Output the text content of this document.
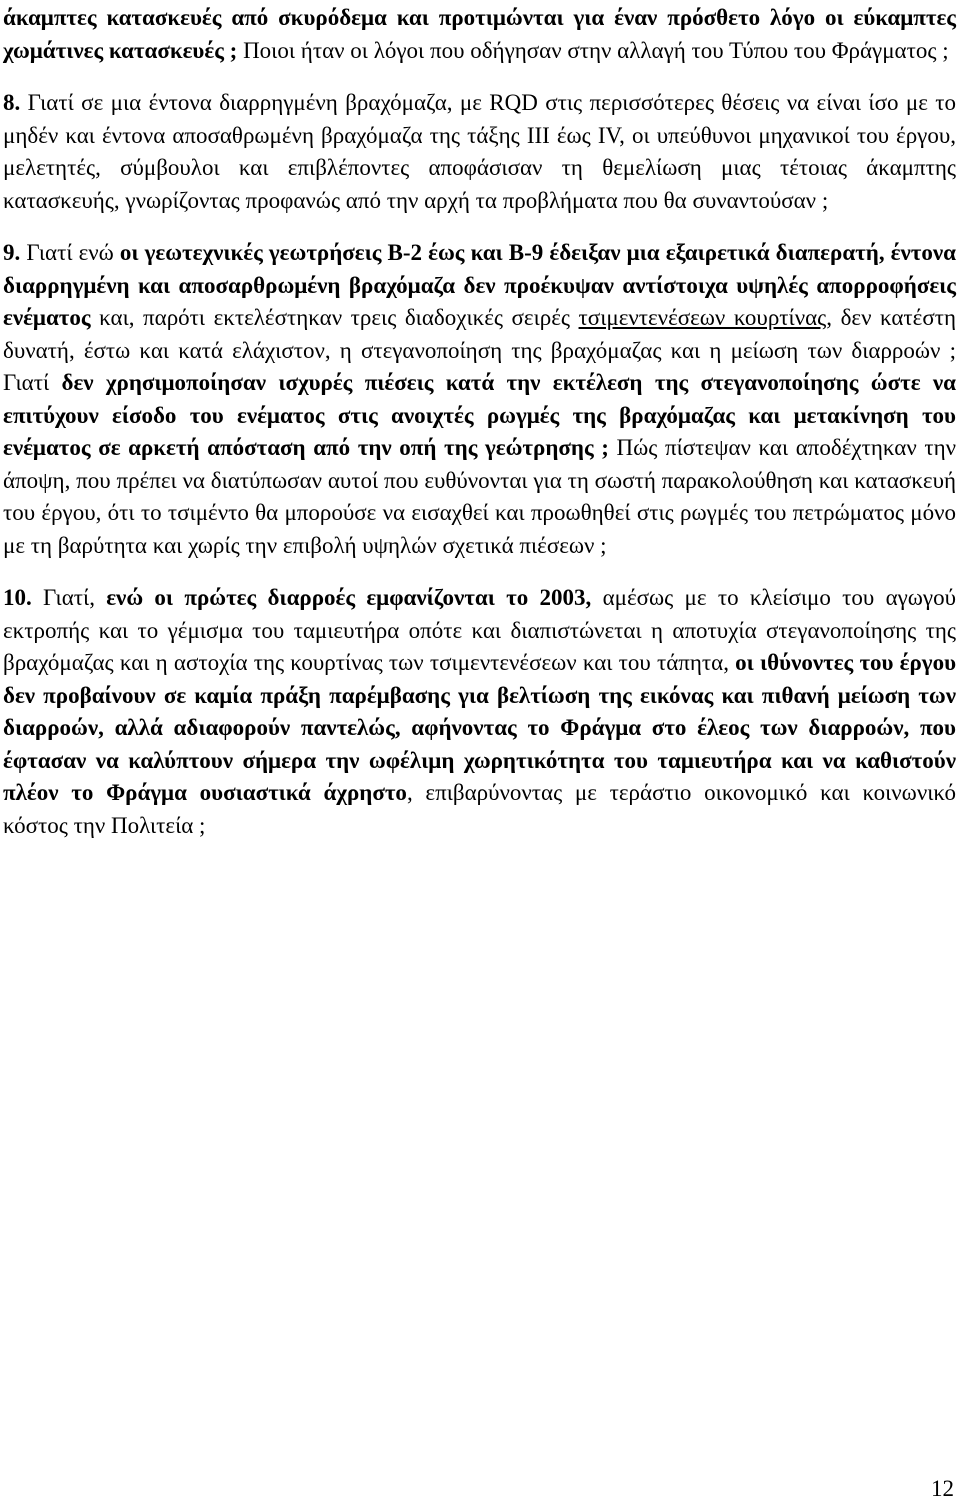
άκαμπτες κατασκευές από σκυρόδεμα και προτιμώνται για έναν πρόσθετο λόγο οι εύκαμπτες χωμάτινες κατασκευές ; Ποιοι ήταν οι λόγοι που οδήγησαν στην αλλαγή του Τύπου του Φράγματος ;

8. Γιατί σε μια έντονα διαρρηγμένη βραχόμαζα, με RQD στις περισσότερες θέσεις να είναι ίσο με το μηδέν και έντονα αποσαθρωμένη βραχόμαζα της τάξης ΙΙΙ έως IV, οι υπεύθυνοι μηχανικοί του έργου, μελετητές, σύμβουλοι και επιβλέποντες αποφάσισαν τη θεμελίωση μιας τέτοιας άκαμπτης κατασκευής, γνωρίζοντας προφανώς από την αρχή τα προβλήματα που θα συναντούσαν ;

9. Γιατί ενώ οι γεωτεχνικές γεωτρήσεις Β-2 έως και Β-9 έδειξαν μια εξαιρετικά διαπερατή, έντονα διαρρηγμένη και αποσαρθρωμένη βραχόμαζα δεν προέκυψαν αντίστοιχα υψηλές απορροφήσεις ενέματος και, παρότι εκτελέστηκαν τρεις διαδοχικές σειρές τσιμεντενέσεων κουρτίνας, δεν κατέστη δυνατή, έστω και κατά ελάχιστον, η στεγανοποίηση της βραχόμαζας και η μείωση των διαρροών ; Γιατί δεν χρησιμοποίησαν ισχυρές πιέσεις κατά την εκτέλεση της στεγανοποίησης ώστε να επιτύχουν είσοδο του ενέματος στις ανοιχτές ρωγμές της βραχόμαζας και μετακίνηση του ενέματος σε αρκετή απόσταση από την οπή της γεώτρησης ; Πώς πίστεψαν και αποδέχτηκαν την άποψη, που πρέπει να διατύπωσαν αυτοί που ευθύνονται για τη σωστή παρακολούθηση και κατασκευή του έργου, ότι το τσιμέντο θα μπορούσε να εισαχθεί και προωθηθεί στις ρωγμές του πετρώματος μόνο με τη βαρύτητα και χωρίς την επιβολή υψηλών σχετικά πιέσεων ;

10. Γιατί, ενώ οι πρώτες διαρροές εμφανίζονται το 2003, αμέσως με το κλείσιμο του αγωγού εκτροπής και το γέμισμα του ταμιευτήρα οπότε και διαπιστώνεται η αποτυχία στεγανοποίησης της βραχόμαζας και η αστοχία της κουρτίνας των τσιμεντενέσεων και του τάπητα, οι ιθύνοντες του έργου δεν προβαίνουν σε καμία πράξη παρέμβασης για βελτίωση της εικόνας και πιθανή μείωση των διαρροών, αλλά αδιαφορούν παντελώς, αφήνοντας το Φράγμα στο έλεος των διαρροών, που έφτασαν να καλύπτουν σήμερα την ωφέλιμη χωρητικότητα του ταμιευτήρα και να καθιστούν πλέον το Φράγμα ουσιαστικά άχρηστο, επιβαρύνοντας με τεράστιο οικονομικό και κοινωνικό κόστος την Πολιτεία ;

12
